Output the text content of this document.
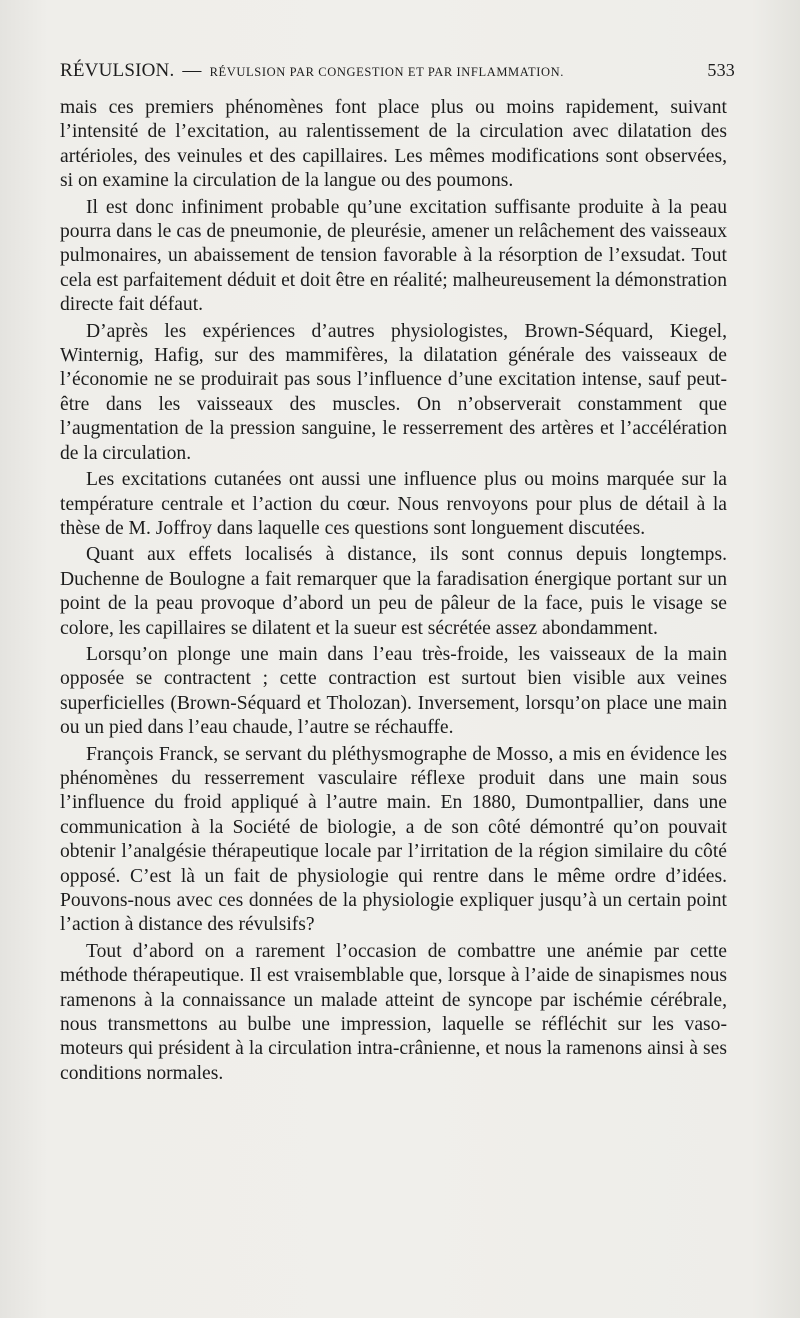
RÉVULSION. — RÉVULSION PAR CONGESTION ET PAR INFLAMMATION.	533

mais ces premiers phénomènes font place plus ou moins rapidement, suivant l’intensité de l’excitation, au ralentissement de la circulation avec dilatation des artérioles, des veinules et des capillaires. Les mêmes modifications sont observées, si on examine la circulation de la langue ou des poumons.

Il est donc infiniment probable qu’une excitation suffisante produite à la peau pourra dans le cas de pneumonie, de pleurésie, amener un relâchement des vaisseaux pulmonaires, un abaissement de tension favorable à la résorption de l’exsudat. Tout cela est parfaitement déduit et doit être en réalité; malheureusement la démonstration directe fait défaut.

D’après les expériences d’autres physiologistes, Brown-Séquard, Kiegel, Winternig, Hafig, sur des mammifères, la dilatation générale des vaisseaux de l’économie ne se produirait pas sous l’influence d’une excitation intense, sauf peut-être dans les vaisseaux des muscles. On n’observerait constamment que l’augmentation de la pression sanguine, le resserrement des artères et l’accélération de la circulation.

Les excitations cutanées ont aussi une influence plus ou moins marquée sur la température centrale et l’action du cœur. Nous renvoyons pour plus de détail à la thèse de M. Joffroy dans laquelle ces questions sont longuement discutées.

Quant aux effets localisés à distance, ils sont connus depuis longtemps. Duchenne de Boulogne a fait remarquer que la faradisation énergique portant sur un point de la peau provoque d’abord un peu de pâleur de la face, puis le visage se colore, les capillaires se dilatent et la sueur est sécrétée assez abondamment.

Lorsqu’on plonge une main dans l’eau très-froide, les vaisseaux de la main opposée se contractent ; cette contraction est surtout bien visible aux veines superficielles (Brown-Séquard et Tholozan). Inversement, lorsqu’on place une main ou un pied dans l’eau chaude, l’autre se réchauffe.

François Franck, se servant du pléthysmographe de Mosso, a mis en évidence les phénomènes du resserrement vasculaire réflexe produit dans une main sous l’influence du froid appliqué à l’autre main. En 1880, Dumontpallier, dans une communication à la Société de biologie, a de son côté démontré qu’on pouvait obtenir l’analgésie thérapeutique locale par l’irritation de la région similaire du côté opposé. C’est là un fait de physiologie qui rentre dans le même ordre d’idées. Pouvons-nous avec ces données de la physiologie expliquer jusqu’à un certain point l’action à distance des révulsifs?

Tout d’abord on a rarement l’occasion de combattre une anémie par cette méthode thérapeutique. Il est vraisemblable que, lorsque à l’aide de sinapismes nous ramenons à la connaissance un malade atteint de syncope par ischémie cérébrale, nous transmettons au bulbe une impression, laquelle se réfléchit sur les vaso-moteurs qui président à la circulation intra-crânienne, et nous la ramenons ainsi à ses conditions normales.
